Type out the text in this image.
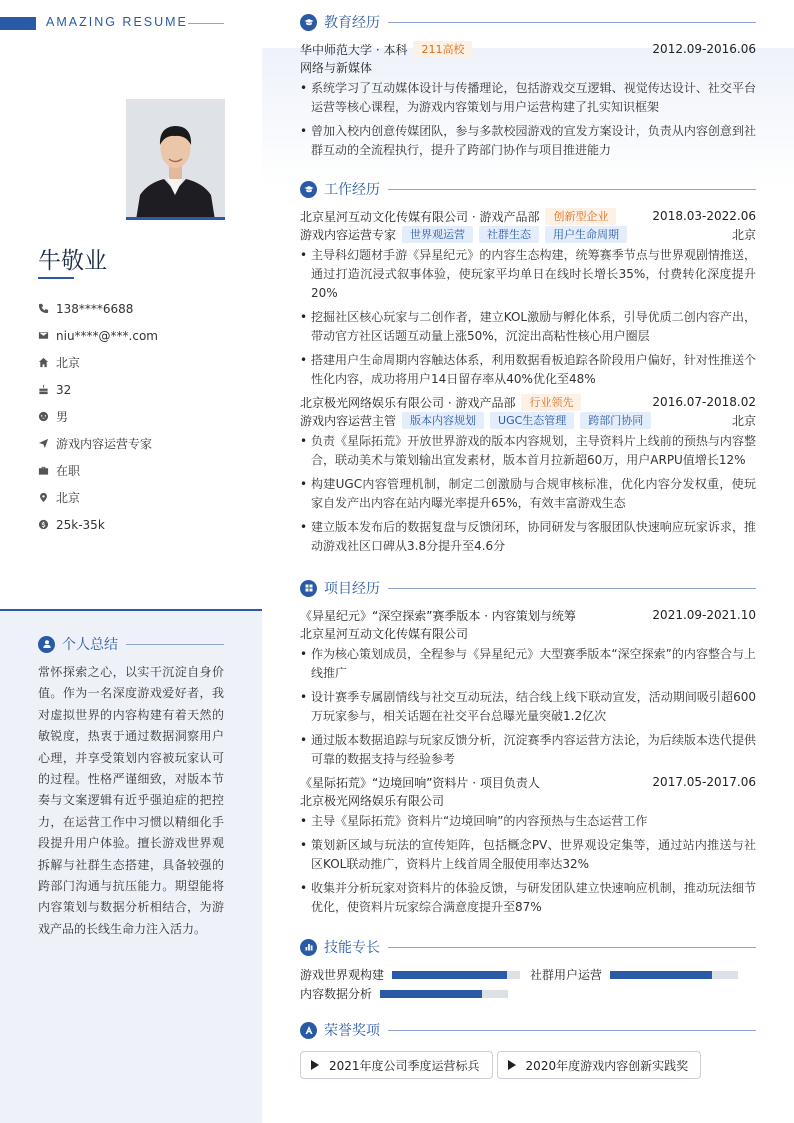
AMAZING RESUME
牛敬业
138****6688
niu****@***.com
北京
32
男
游戏内容运营专家
在职
北京
25k-35k
个人总结

常怀探索之心，以实干沉淀自身价值。作为一名深度游戏爱好者，我对虚拟世界的内容构建有着天然的敏锐度，热衷于通过数据洞察用户心理，并享受策划内容被玩家认可的过程。性格严谨细致，对版本节奏与文案逻辑有近乎强迫症的把控力，在运营工作中习惯以精细化手段提升用户体验。擅长游戏世界观拆解与社群生态搭建，具备较强的跨部门沟通与抗压能力。期望能将内容策划与数据分析相结合，为游戏产品的长线生命力注入活力。

教育经历
华中师范大学 · 本科	211高校	2012.09-2016.06
网络与新媒体
• 系统学习了互动媒体设计与传播理论，包括游戏交互逻辑、视觉传达设计、社交平台运营等核心课程，为游戏内容策划与用户运营构建了扎实知识框架
• 曾加入校内创意传媒团队，参与多款校园游戏的宣发方案设计，负责从内容创意到社群互动的全流程执行，提升了跨部门协作与项目推进能力
工作经历
北京星河互动文化传媒有限公司 · 游戏产品部	创新型企业	2018.03-2022.06
游戏内容运营专家	世界观运营	社群生态	用户生命周期	北京
• 主导科幻题材手游《异星纪元》的内容生态构建，统筹赛季节点与世界观剧情推送，通过打造沉浸式叙事体验，使玩家平均单日在线时长增长35%，付费转化深度提升20%
• 挖掘社区核心玩家与二创作者，建立KOL激励与孵化体系，引导优质二创内容产出，带动官方社区话题互动量上涨50%，沉淀出高粘性核心用户圈层
• 搭建用户生命周期内容触达体系，利用数据看板追踪各阶段用户偏好，针对性推送个性化内容，成功将用户14日留存率从40%优化至48%
北京极光网络娱乐有限公司 · 游戏产品部	行业领先	2016.07-2018.02
游戏内容运营主管	版本内容规划	UGC生态管理	跨部门协同	北京
• 负责《星际拓荒》开放世界游戏的版本内容规划，主导资料片上线前的预热与内容整合，联动美术与策划输出宣发素材，版本首月拉新超60万，用户ARPU值增长12%
• 构建UGC内容管理机制，制定二创激励与合规审核标准，优化内容分发权重，使玩家自发产出内容在站内曝光率提升65%，有效丰富游戏生态
• 建立版本发布后的数据复盘与反馈闭环，协同研发与客服团队快速响应玩家诉求，推动游戏社区口碑从3.8分提升至4.6分
项目经历
《异星纪元》“深空探索”赛季版本 · 内容策划与统筹	2021.09-2021.10
北京星河互动文化传媒有限公司
• 作为核心策划成员，全程参与《异星纪元》大型赛季版本“深空探索”的内容整合与上线推广
• 设计赛季专属剧情线与社交互动玩法，结合线上线下联动宣发，活动期间吸引超600万玩家参与，相关话题在社交平台总曝光量突破1.2亿次
• 通过版本数据追踪与玩家反馈分析，沉淀赛季内容运营方法论，为后续版本迭代提供可靠的数据支持与经验参考
《星际拓荒》“边境回响”资料片 · 项目负责人	2017.05-2017.06
北京极光网络娱乐有限公司
• 主导《星际拓荒》资料片“边境回响”的内容预热与生态运营工作
• 策划新区域与玩法的宣传矩阵，包括概念PV、世界观设定集等，通过站内推送与社区KOL联动推广，资料片上线首周全服使用率达32%
• 收集并分析玩家对资料片的体验反馈，与研发团队建立快速响应机制，推动玩法细节优化，使资料片玩家综合满意度提升至87%
技能专长
游戏世界观构建	社群用户运营
内容数据分析
荣誉奖项
2021年度公司季度运营标兵	2020年度游戏内容创新实践奖
